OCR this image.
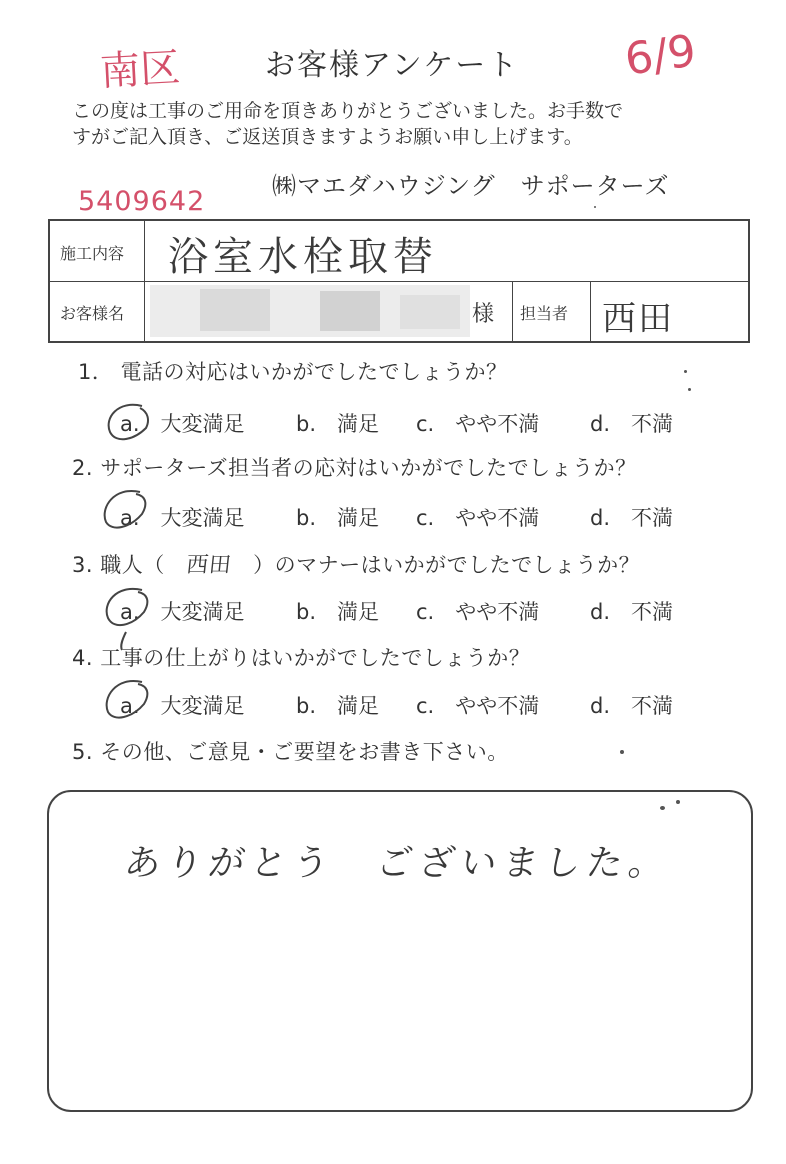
南区	お客様アンケート 6/9
この度は工事のご用命を頂きありがとうございました。お手数で
すがご記入頂き、ご返送頂きますようお願い申し上げます。
㈱マエダハウジング　サポーターズ
5409642
施工内容 浴室水栓取替
お客様名	様 担当者 西田
1． 電話の対応はいかがでしたでしょうか？
a.　大変満足 b.　満足 c.　やや不満 d.　不満
2. サポーターズ担当者の応対はいかがでしたでしょうか？
a.　大変満足 b.　満足 c.　やや不満 d.　不満
3. 職人（ 西田 ）のマナーはいかがでしたでしょうか？
a.　大変満足 b.　満足 c.　やや不満 d.　不満
4. 工事の仕上がりはいかがでしたでしょうか？
a.　大変満足 b.　満足 c.　やや不満 d.　不満
5. その他、ご意見・ご要望をお書き下さい。
ありがとう　ございました。
